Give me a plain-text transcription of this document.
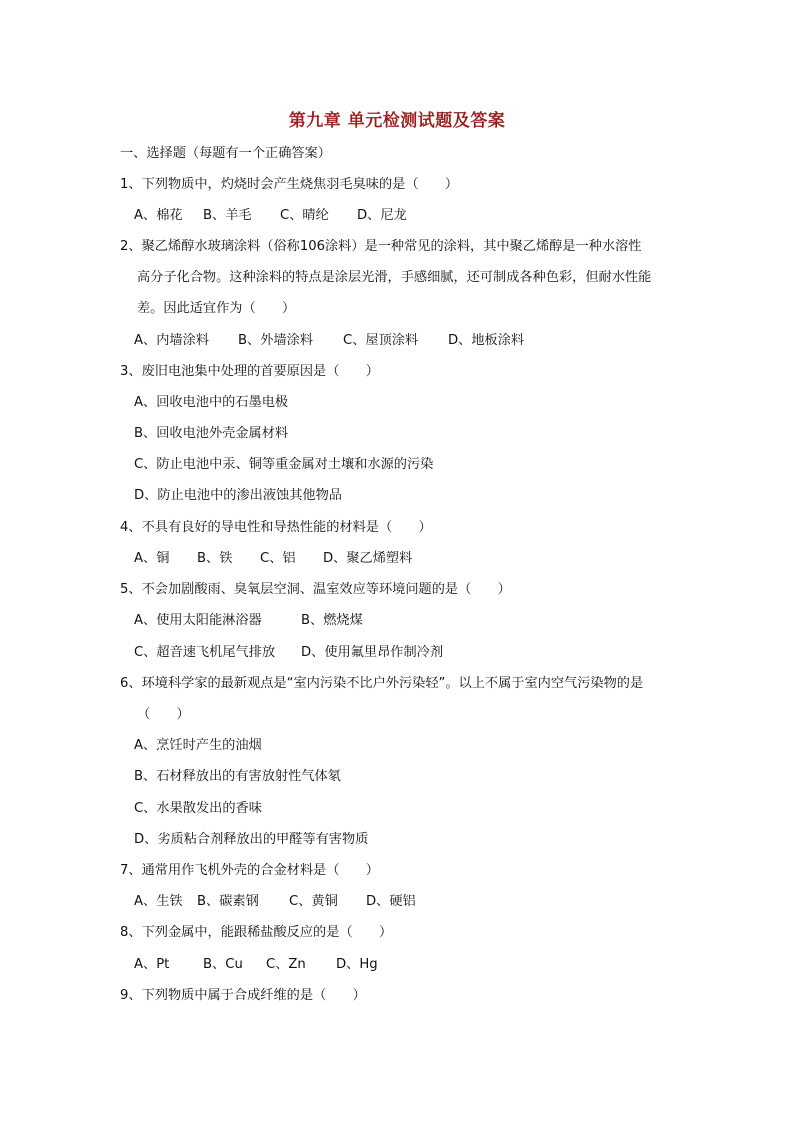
第九章 单元检测试题及答案
一、选择题（每题有一个正确答案）
1、下列物质中，灼烧时会产生烧焦羽毛臭味的是（　　）
A、棉花 B、羊毛 C、晴纶 D、尼龙
2、聚乙烯醇水玻璃涂料（俗称106涂料）是一种常见的涂料，其中聚乙烯醇是一种水溶性
高分子化合物。这种涂料的特点是涂层光滑，手感细腻，还可制成各种色彩，但耐水性能
差。因此适宜作为（　　）
A、内墙涂料 B、外墙涂料 C、屋顶涂料 D、地板涂料
3、废旧电池集中处理的首要原因是（　　）
A、回收电池中的石墨电极
B、回收电池外壳金属材料
C、防止电池中汞、铜等重金属对土壤和水源的污染
D、防止电池中的渗出液蚀其他物品
4、不具有良好的导电性和导热性能的材料是（　　）
A、铜 B、铁 C、铝 D、聚乙烯塑料
5、不会加剧酸雨、臭氧层空洞、温室效应等环境问题的是（　　）
A、使用太阳能淋浴器	B、燃烧煤
C、超音速飞机尾气排放 D、使用氟里昂作制冷剂
6、环境科学家的最新观点是“室内污染不比户外污染轻”。以上不属于室内空气污染物的是
（　　）
A、烹饪时产生的油烟
B、石材释放出的有害放射性气体氡
C、水果散发出的香味
D、劣质粘合剂释放出的甲醛等有害物质
7、通常用作飞机外壳的合金材料是（　　）
A、生铁 B、碳素钢 C、黄铜 D、硬铝
8、下列金属中，能跟稀盐酸反应的是（　　）
A、Pt	B、Cu C、Zn D、Hg
9、下列物质中属于合成纤维的是（　　）
